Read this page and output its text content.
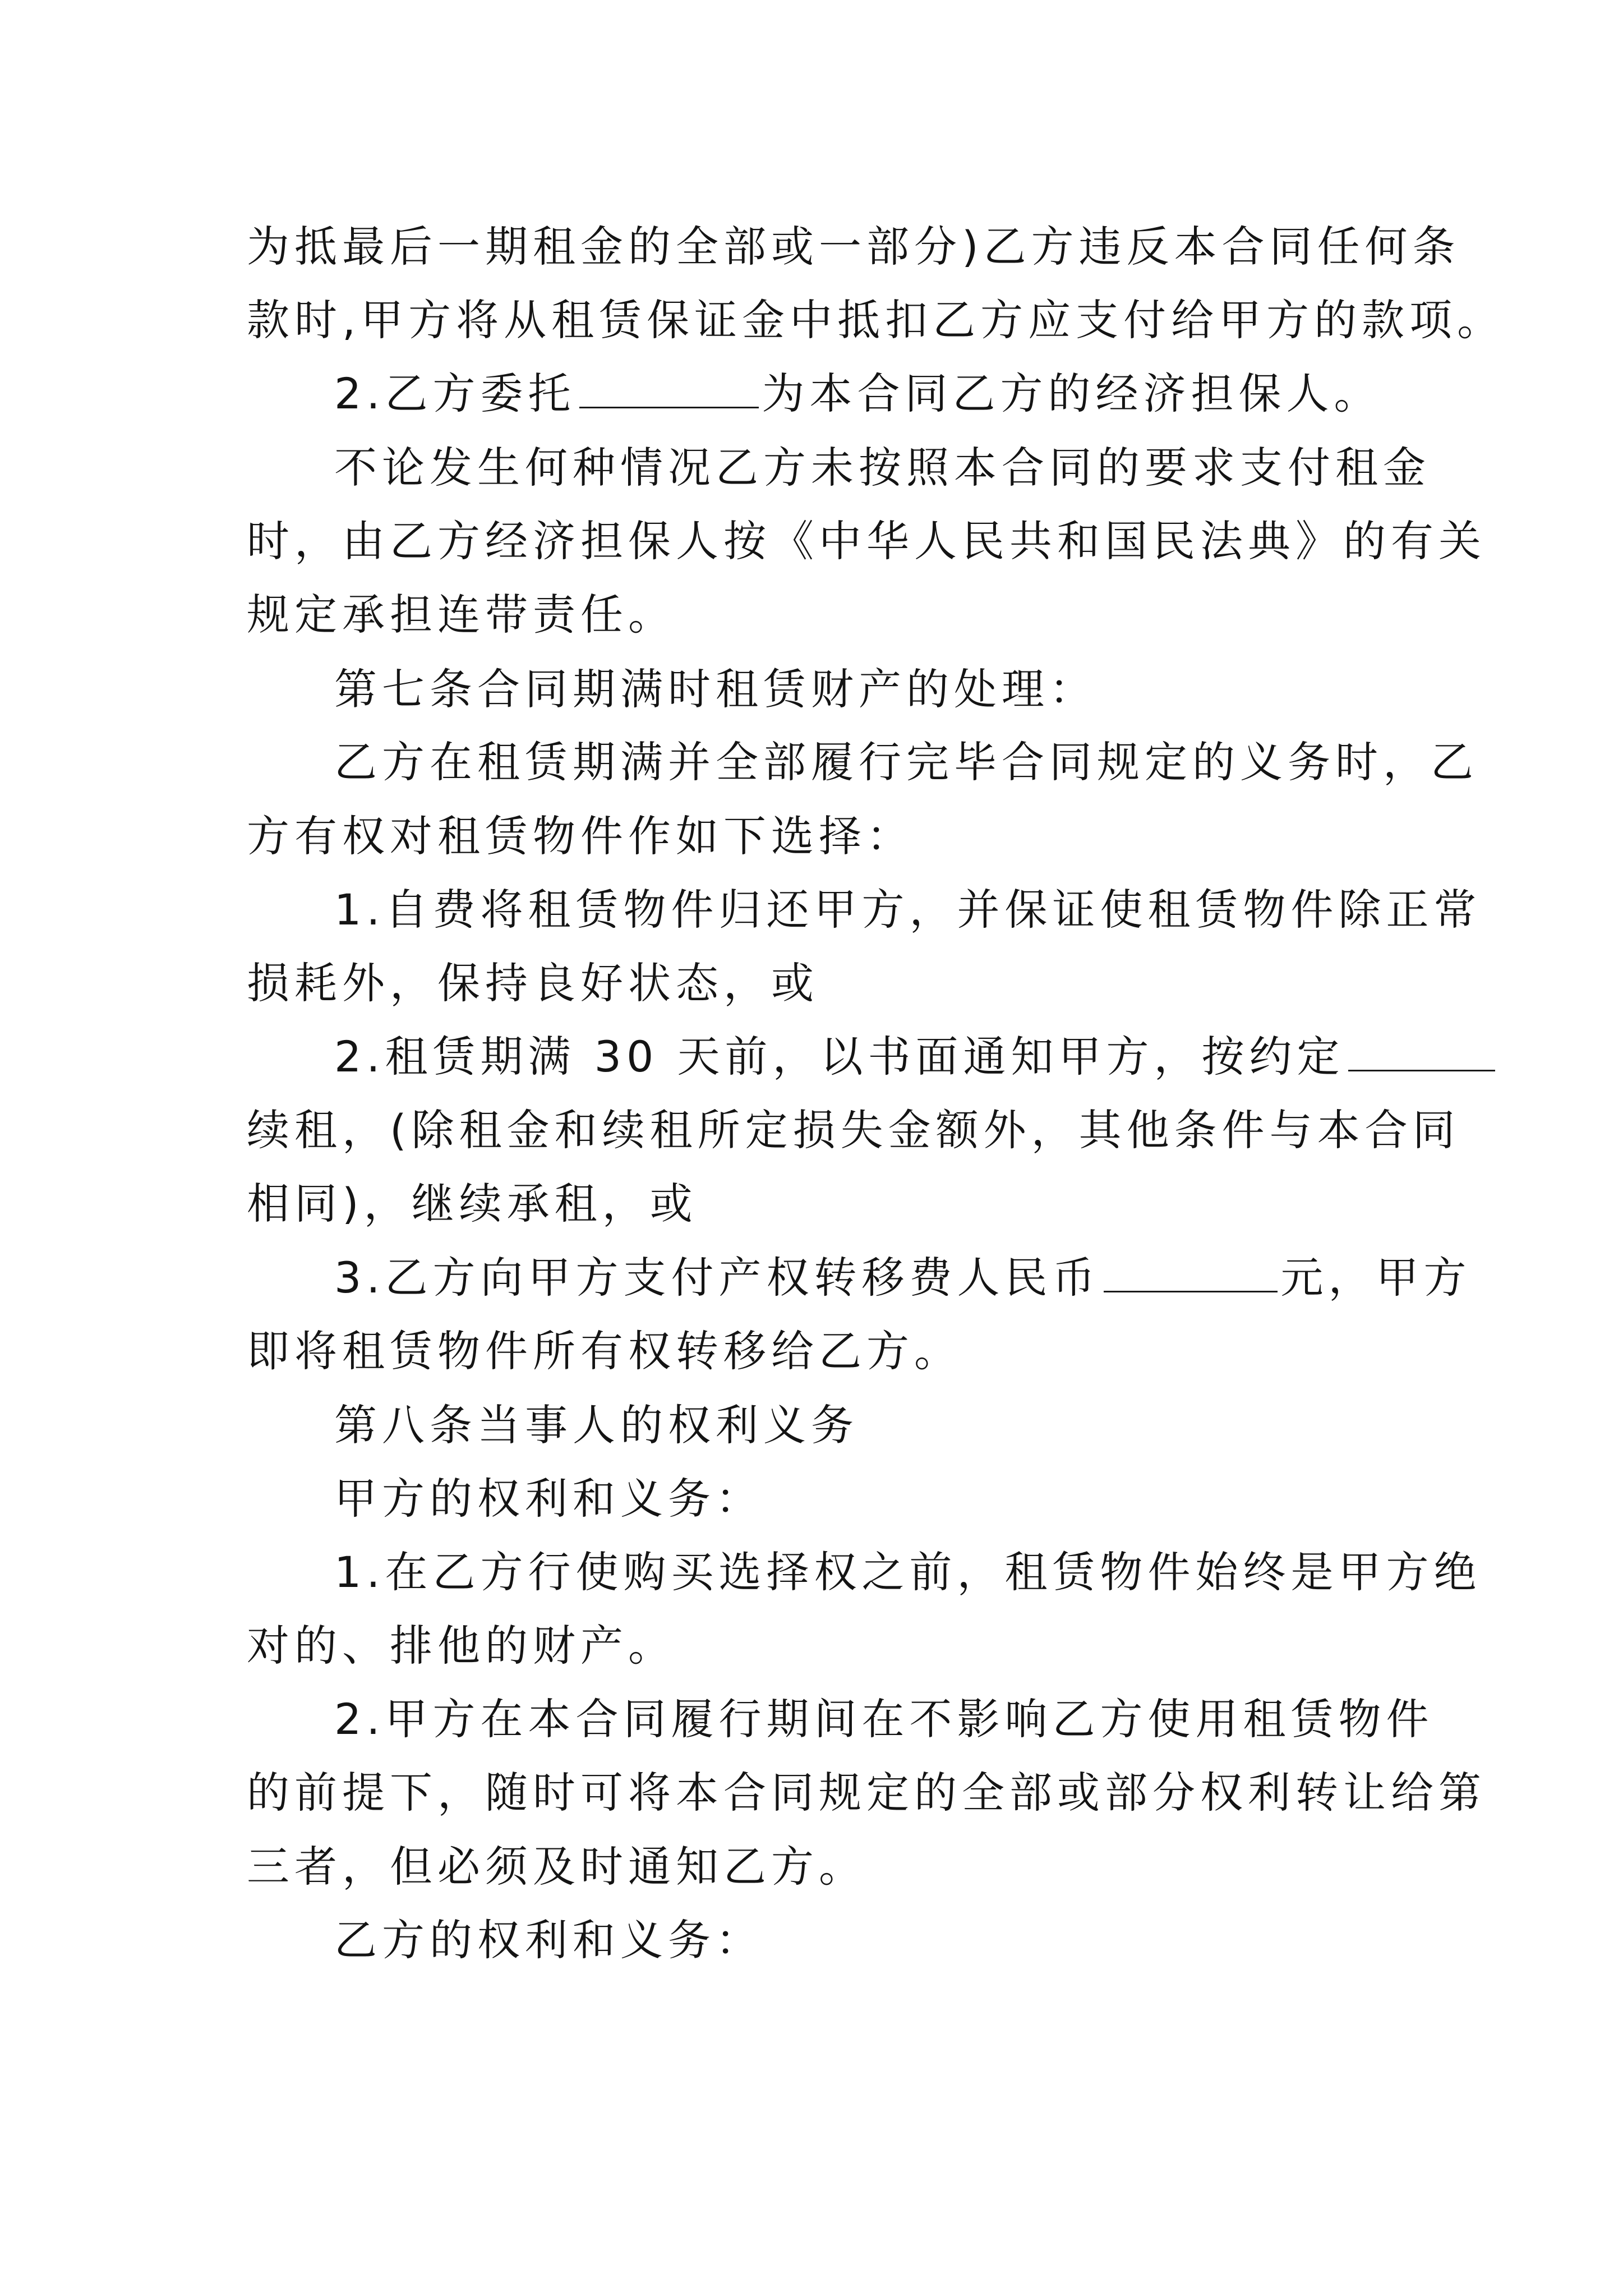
为抵最后一期租金的全部或一部分)乙方违反本合同任何条

款时,甲方将从租赁保证金中抵扣乙方应支付给甲方的款项。

2.乙方委托	为本合同乙方的经济担保人。

不论发生何种情况乙方未按照本合同的要求支付租金

时，由乙方经济担保人按《中华人民共和国民法典》的有关

规定承担连带责任。

第七条合同期满时租赁财产的处理：

乙方在租赁期满并全部履行完毕合同规定的义务时，乙

方有权对租赁物件作如下选择：

1.自费将租赁物件归还甲方，并保证使租赁物件除正常

损耗外，保持良好状态，或

2.租赁期满 30 天前，以书面通知甲方，按约定

续租，(除租金和续租所定损失金额外，其他条件与本合同

相同)，继续承租，或

3.乙方向甲方支付产权转移费人民币	元，甲方

即将租赁物件所有权转移给乙方。

第八条当事人的权利义务

甲方的权利和义务：

1.在乙方行使购买选择权之前，租赁物件始终是甲方绝

对的、排他的财产。

2.甲方在本合同履行期间在不影响乙方使用租赁物件

的前提下，随时可将本合同规定的全部或部分权利转让给第

三者，但必须及时通知乙方。

乙方的权利和义务：
